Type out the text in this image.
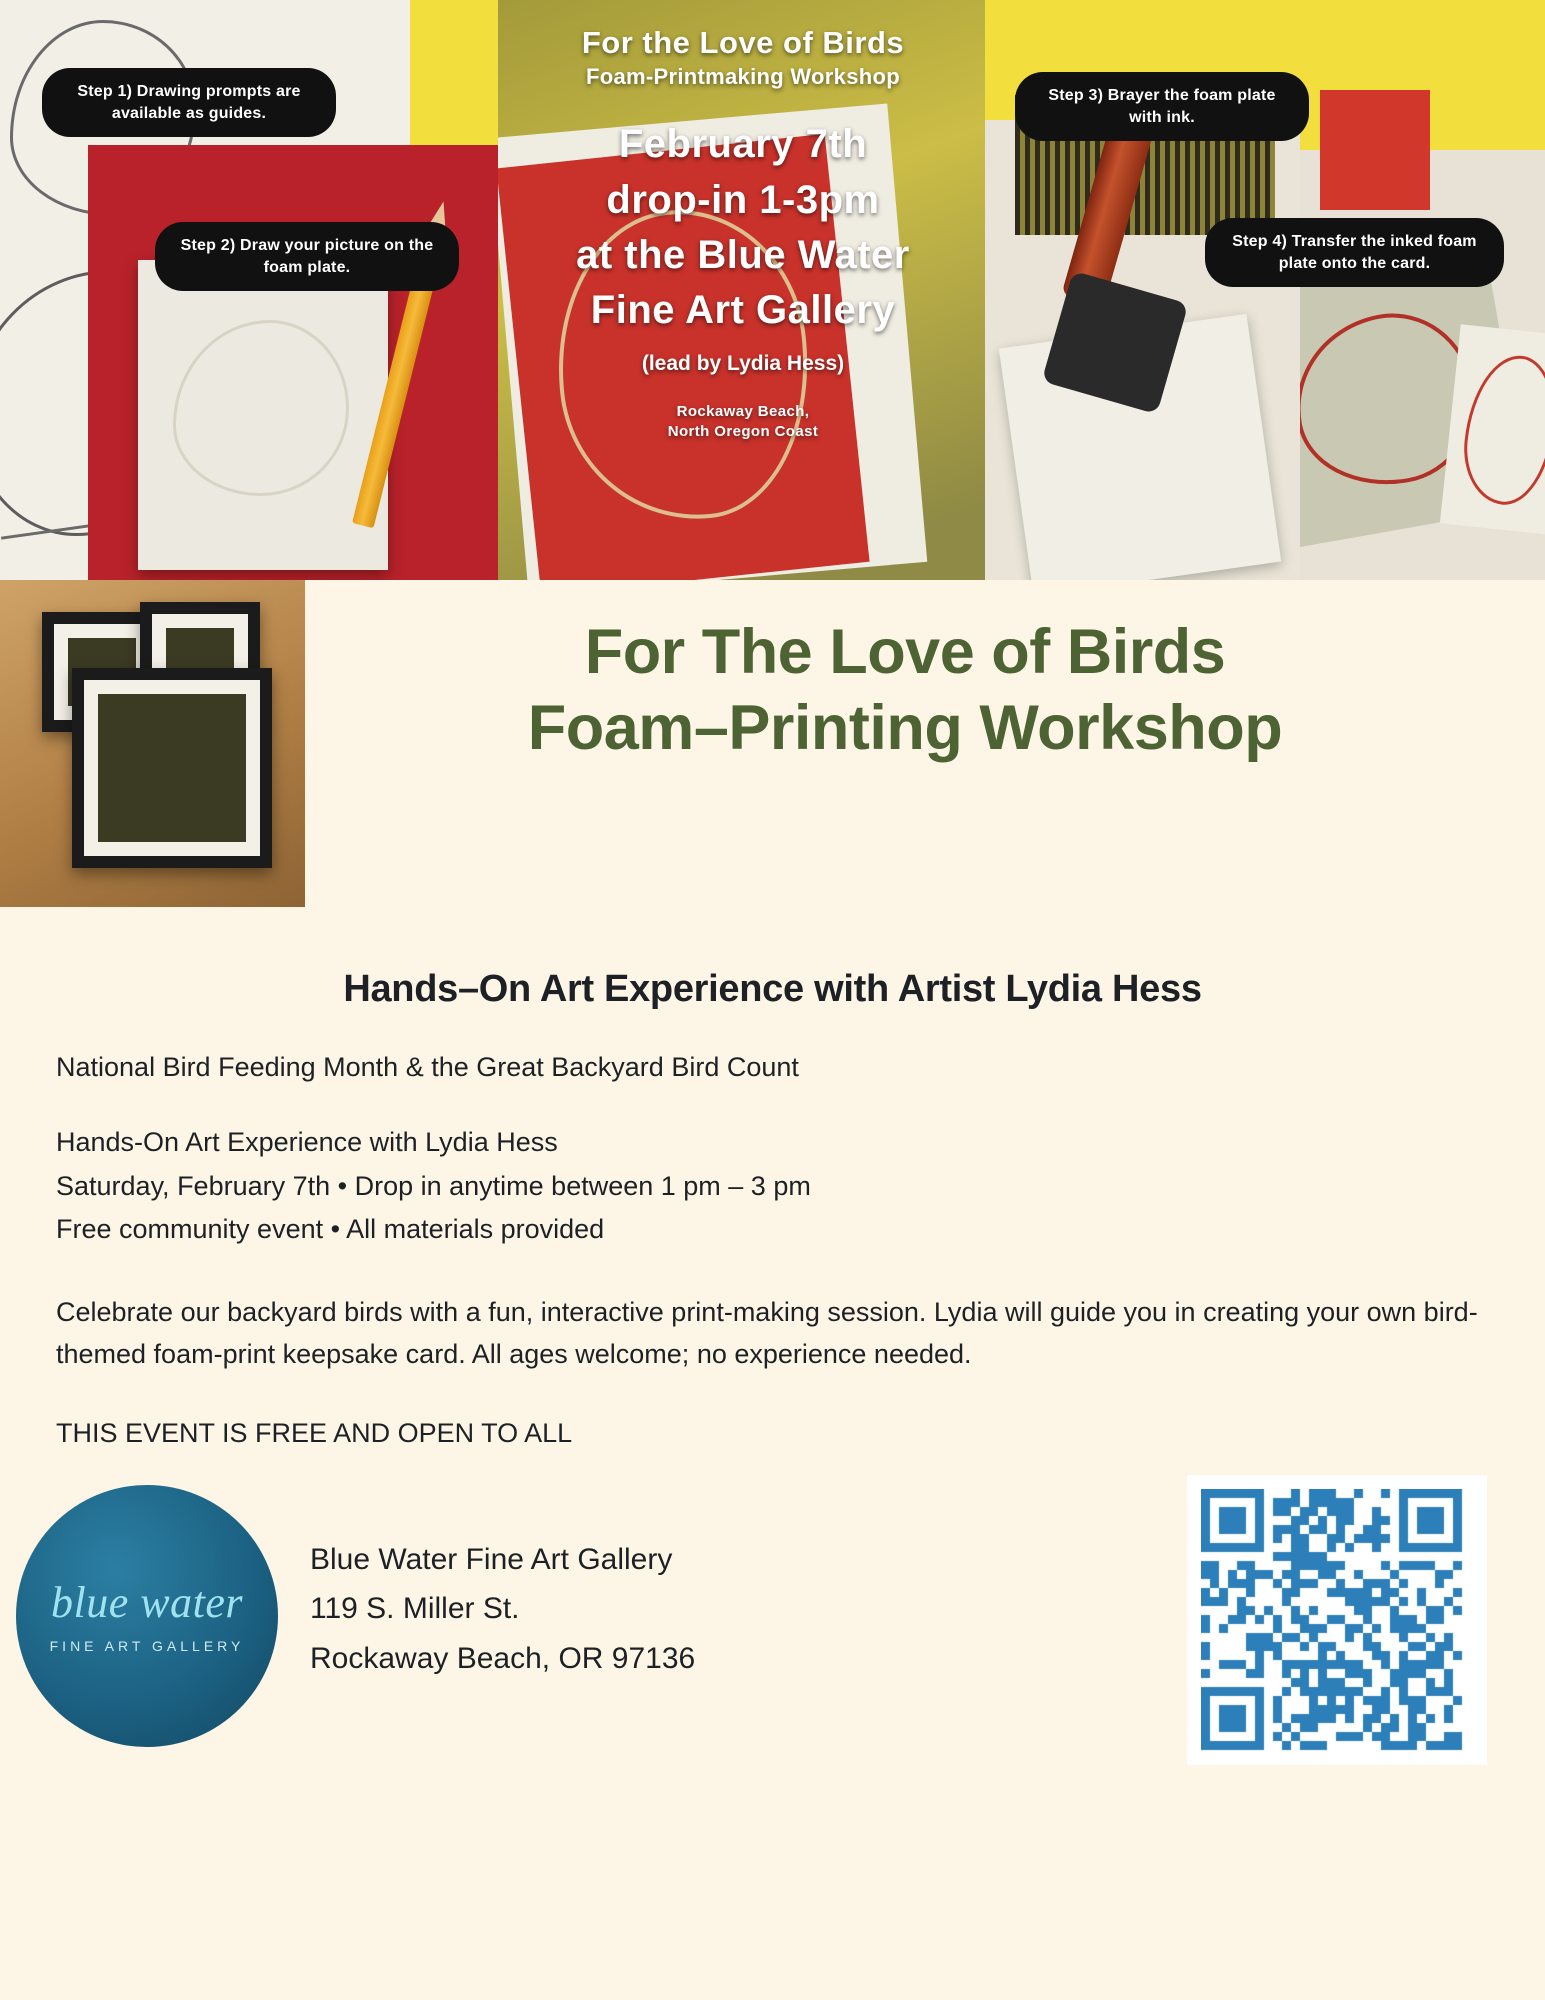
For the Love of Birds
Foam-Printmaking Workshop
February 7th
drop-in 1-3pm
at the Blue Water
Fine Art Gallery
(lead by Lydia Hess)
Rockaway Beach,
North Oregon Coast
Step 1) Drawing prompts are available as guides.
Step 2) Draw your picture on the foam plate.
Step 3) Brayer the foam plate with ink.
Step 4) Transfer the inked foam plate onto the card.
For The Love of Birds
Foam–Printing Workshop
Hands–On Art Experience with Artist Lydia Hess
National Bird Feeding Month & the Great Backyard Bird Count
Hands-On Art Experience with Lydia Hess
Saturday, February 7th • Drop in anytime between 1 pm – 3 pm
Free community event • All materials provided
Celebrate our backyard birds with a fun, interactive print-making session. Lydia will guide you in creating your own bird-themed foam-print keepsake card. All ages welcome; no experience needed.
THIS EVENT IS FREE AND OPEN TO ALL
blue water
FINE ART GALLERY
Blue Water Fine Art Gallery
119 S. Miller St.
Rockaway Beach, OR 97136
